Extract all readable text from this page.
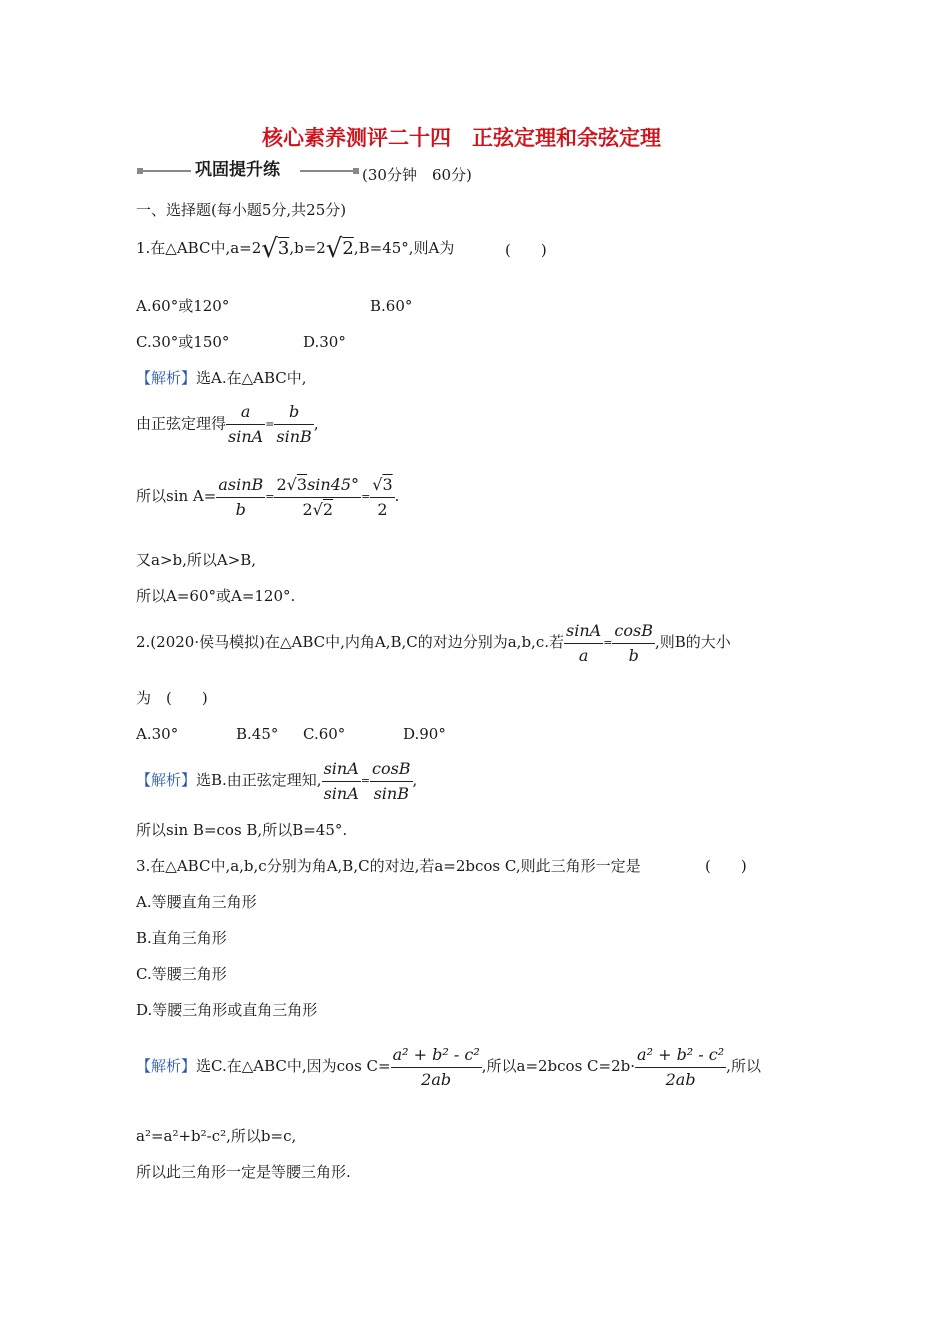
核心素养测评二十四　正弦定理和余弦定理
巩固提升练	(30分钟　60分)
一、选择题(每小题5分,共25分)
1.在△ABC中,a=2√3,b=2√2,B=45°,则A为	(　　)
A.60°或120°	B.60°
C.30°或150°	D.30°
【解析】选A.在△ABC中,
由正弦定理得 $\frac{a}{\sin A} = \frac{b}{\sin B}$ ,
所以$\sin A= \frac{asinB}{b} = \frac{2√3\sin 45^\circ}{2√2} = \frac{√3}{2}$ .
又a>b,所以A>B,
所以A=60°或A=120°.
2.(2020·侯马模拟)在△ABC中,内角A,B,C的对边分别为a,b,c.若 $\frac{\sin A}{a} = \frac{\cos B}{b}$ ,则B的大小
为　(　　)
A.30°	B.45° C.60°	D.90°
【解析】选B.由正弦定理知, $\frac{\sin A}{\sin A} = \frac{\cos B}{\sin B}$ ,
所以sin B=cos B,所以B=45°.
3.在△ABC中,a,b,c分别为角A,B,C的对边,若a=2bcos C,则此三角形一定是	(　　)
A.等腰直角三角形
B.直角三角形
C.等腰三角形
D.等腰三角形或直角三角形
【解析】选C.在△ABC中,因为$\cos C= \frac{\text{a² + b² - c²}}{2ab}$ ,所以a=2bcos $C=2b\cdot \frac{\text{a² + b² - c²}}{2ab}$ ,所以
a²=a²+b²-c²,所以b=c,
所以此三角形一定是等腰三角形.
